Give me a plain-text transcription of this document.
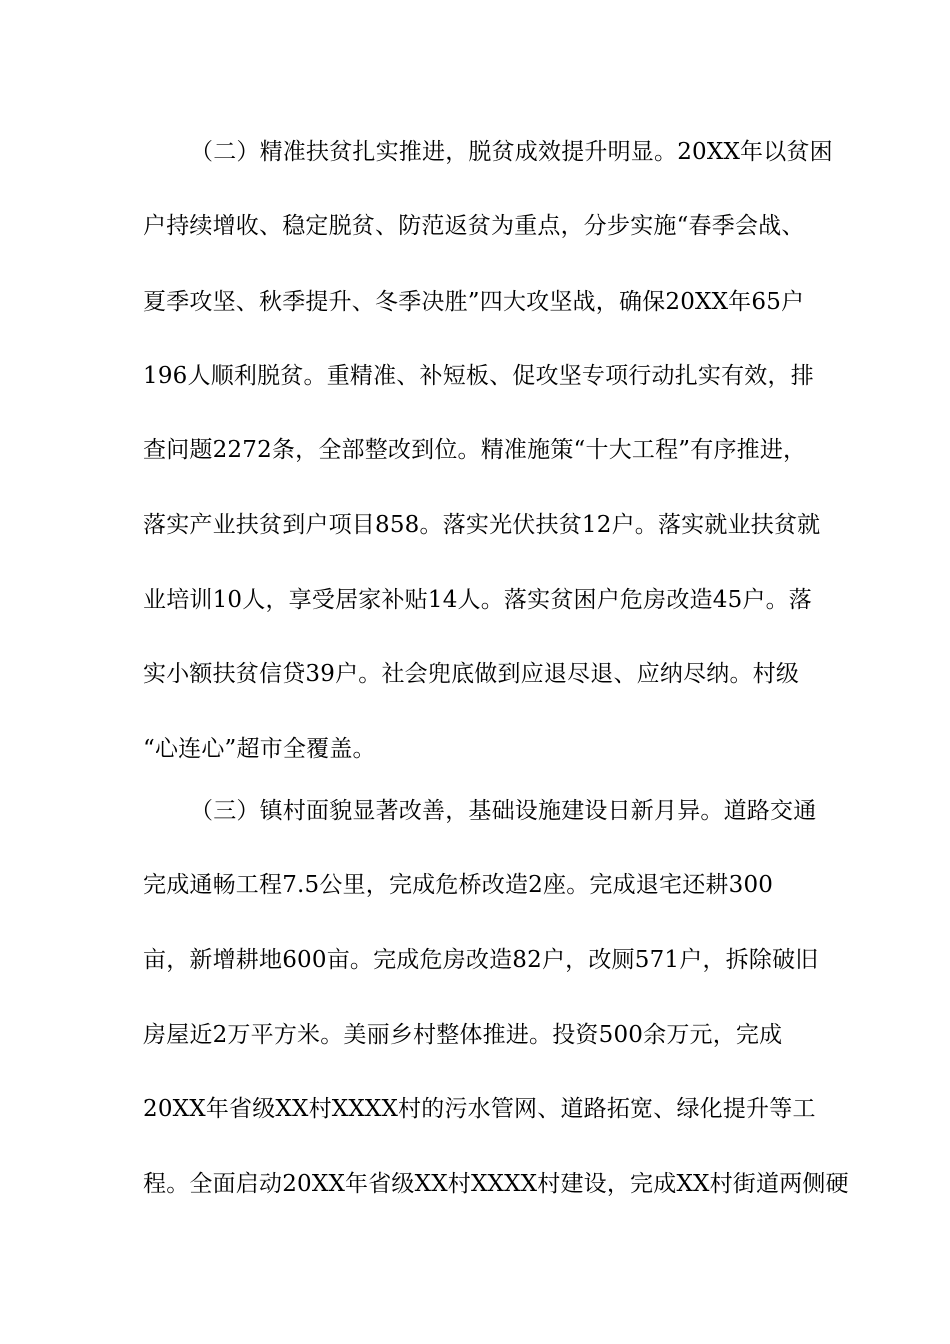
（二）精准扶贫扎实推进，脱贫成效提升明显。20XX年以贫困
户持续增收、稳定脱贫、防范返贫为重点，分步实施“春季会战、
夏季攻坚、秋季提升、冬季决胜”四大攻坚战，确保20XX年65户
196人顺利脱贫。重精准、补短板、促攻坚专项行动扎实有效，排
查问题2272条，全部整改到位。精准施策“十大工程”有序推进，
落实产业扶贫到户项目858。落实光伏扶贫12户。落实就业扶贫就
业培训10人，享受居家补贴14人。落实贫困户危房改造45户。落
实小额扶贫信贷39户。社会兜底做到应退尽退、应纳尽纳。村级
“心连心”超市全覆盖。
（三）镇村面貌显著改善，基础设施建设日新月异。道路交通
完成通畅工程7.5公里，完成危桥改造2座。完成退宅还耕300
亩，新增耕地600亩。完成危房改造82户，改厕571户，拆除破旧
房屋近2万平方米。美丽乡村整体推进。投资500余万元，完成
20XX年省级XX村XXXX村的污水管网、道路拓宽、绿化提升等工
程。全面启动20XX年省级XX村XXXX村建设，完成XX村街道两侧硬
